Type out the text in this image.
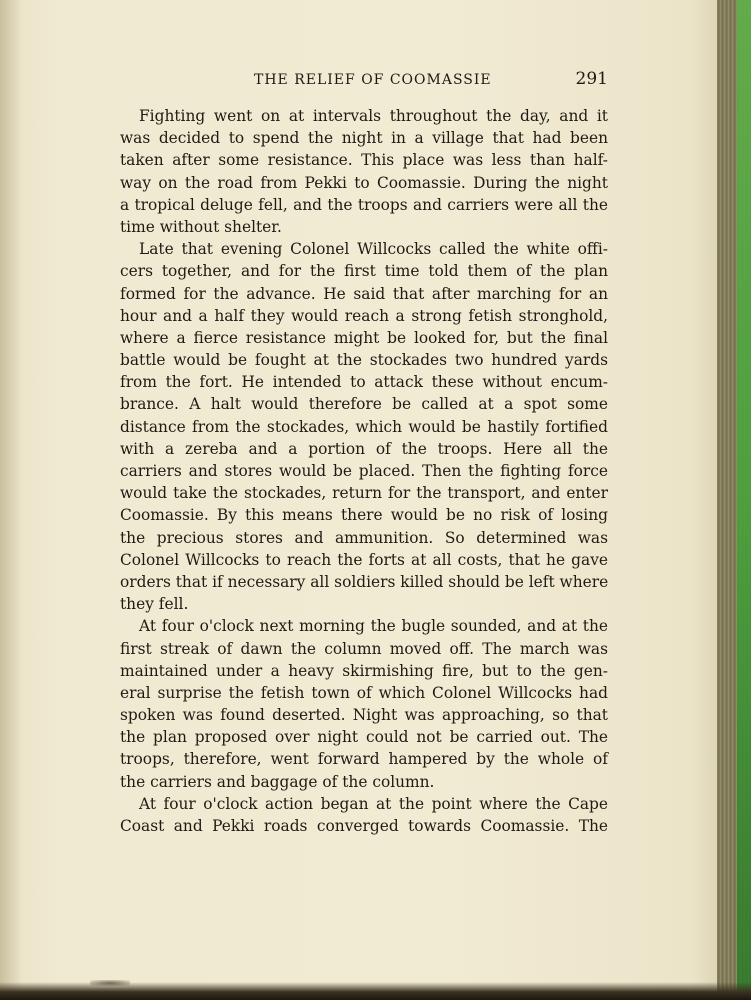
THE RELIEF OF COOMASSIE	291
Fighting went on at intervals throughout the day, and it
was decided to spend the night in a village that had been
taken after some resistance. This place was less than half-
way on the road from Pekki to Coomassie. During the night
a tropical deluge fell, and the troops and carriers were all the
time without shelter.
Late that evening Colonel Willcocks called the white offi-
cers together, and for the first time told them of the plan
formed for the advance. He said that after marching for an
hour and a half they would reach a strong fetish stronghold,
where a fierce resistance might be looked for, but the final
battle would be fought at the stockades two hundred yards
from the fort. He intended to attack these without encum-
brance. A halt would therefore be called at a spot some
distance from the stockades, which would be hastily fortified
with a zereba and a portion of the troops. Here all the
carriers and stores would be placed. Then the fighting force
would take the stockades, return for the transport, and enter
Coomassie. By this means there would be no risk of losing
the precious stores and ammunition. So determined was
Colonel Willcocks to reach the forts at all costs, that he gave
orders that if necessary all soldiers killed should be left where
they fell.
At four o'clock next morning the bugle sounded, and at the
first streak of dawn the column moved off. The march was
maintained under a heavy skirmishing fire, but to the gen-
eral surprise the fetish town of which Colonel Willcocks had
spoken was found deserted. Night was approaching, so that
the plan proposed over night could not be carried out. The
troops, therefore, went forward hampered by the whole of
the carriers and baggage of the column.
At four o'clock action began at the point where the Cape
Coast and Pekki roads converged towards Coomassie. The
